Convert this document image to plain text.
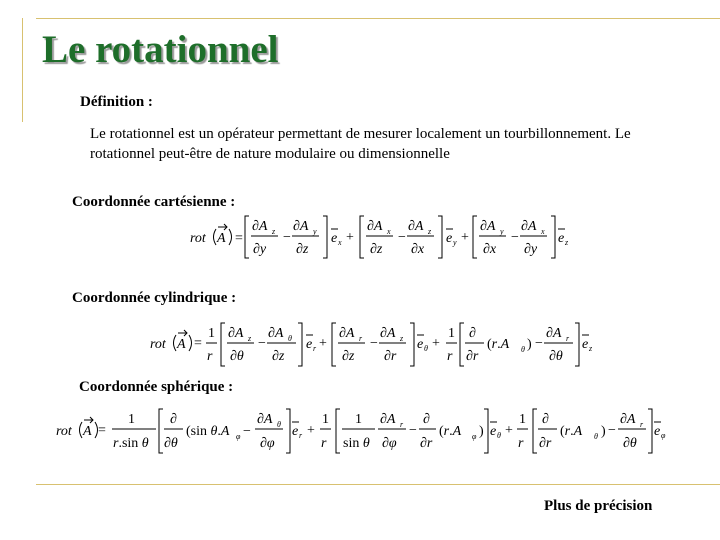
Le rotationnel
Définition :
Le rotationnel est un opérateur permettant de mesurer localement un tourbillonnement. Le rotationnel peut-être de nature modulaire ou dimensionnelle
Coordonnée cartésienne :
rot A =
∂A z
∂y
−
∂A y
∂z
e x +
∂A x
∂z
−
∂A z
∂x
e y +
∂A y
∂x
−
∂A x
∂y
e z
Coordonnée cylindrique :
rot A =
1
r
∂A z
∂θ
−
∂A θ
∂z
e r +
∂A r
∂z
−
∂A z
∂r
e θ +
1
r
∂
∂r
(r.A θ ) −
∂A r
∂θ
e z
Coordonnée sphérique :
rot A =
1
r.sin θ
∂
∂θ
(sin θ.A φ −
∂A θ
∂φ
e r +
1
r
1
sin θ
∂A r
∂φ
−
∂
∂r
(r.A φ ) e θ +
1
r
∂
∂r
(r.A θ ) −
∂A r
∂θ
e φ
Plus de précision
